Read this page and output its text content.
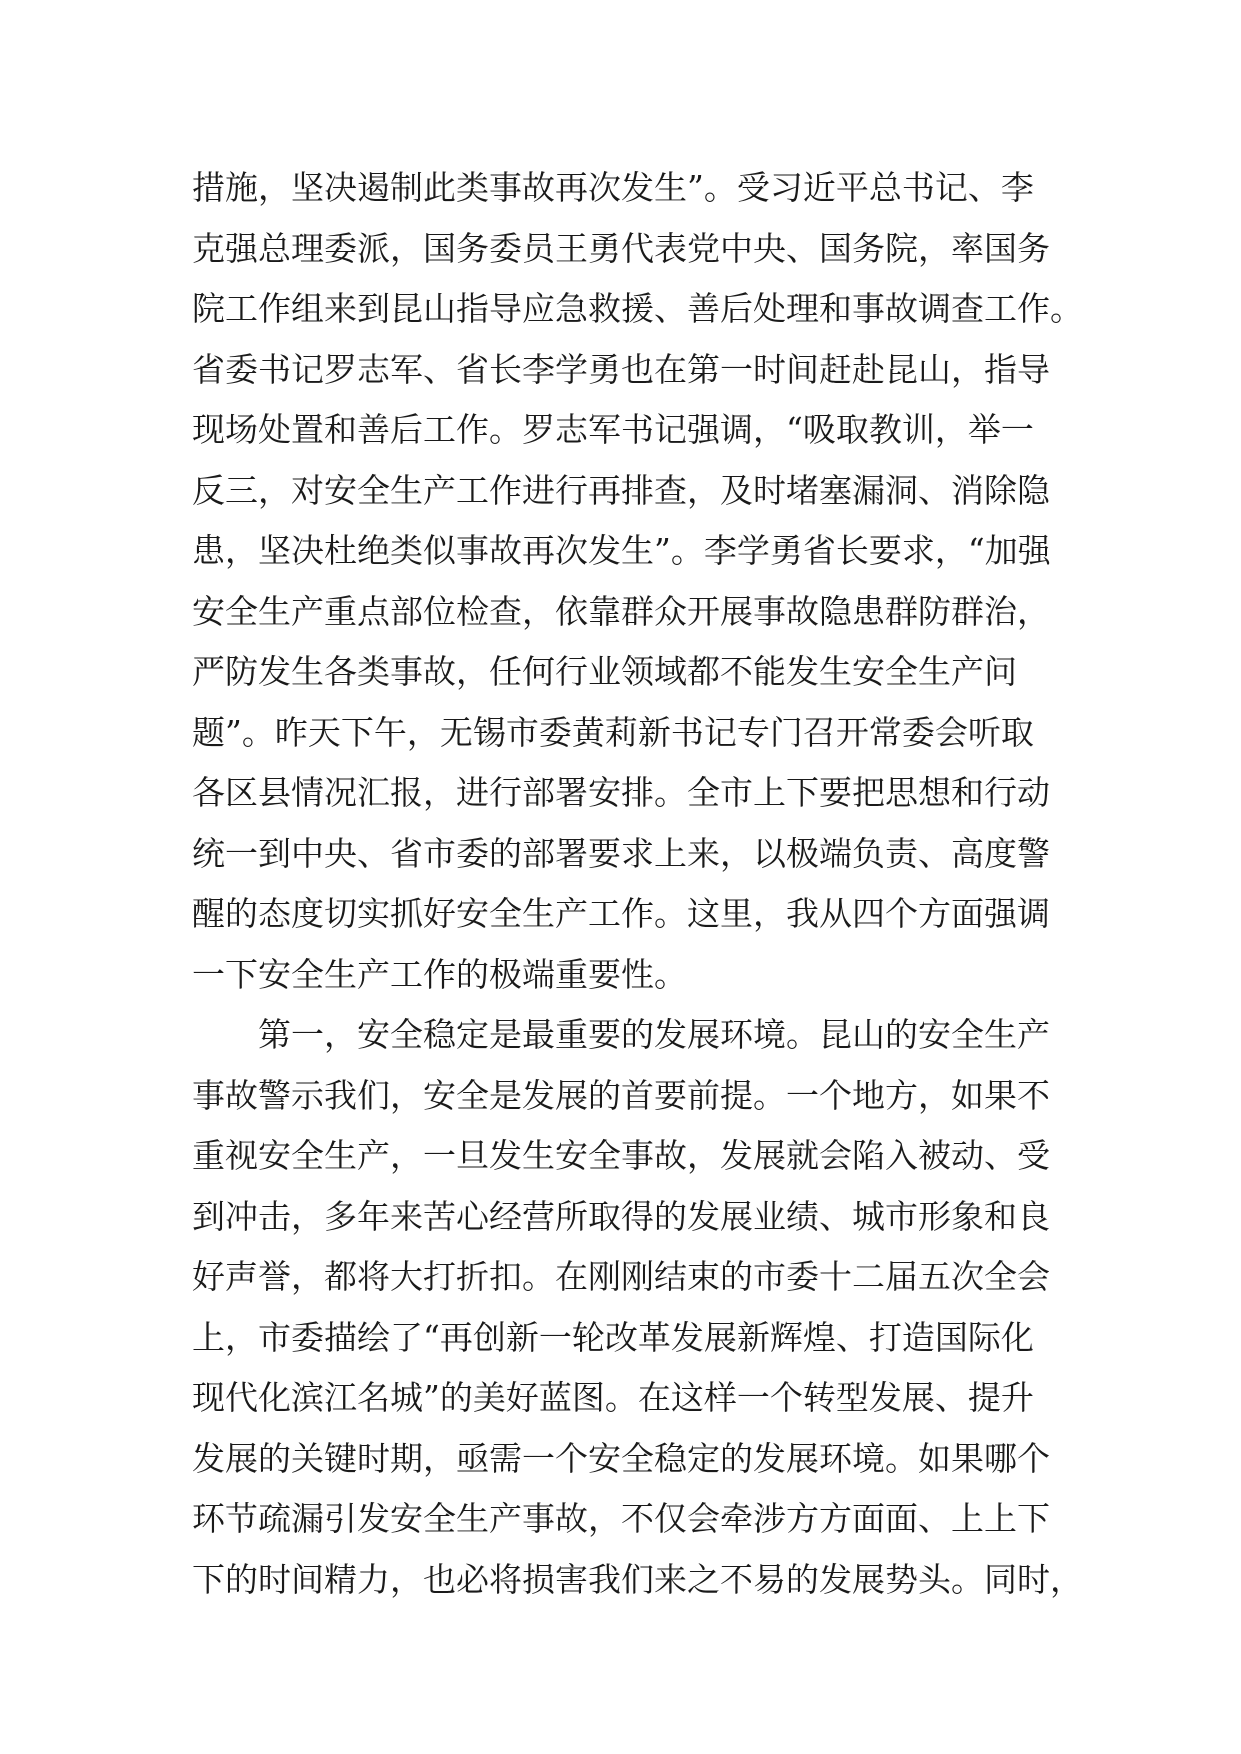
措施，坚决遏制此类事故再次发生”。受习近平总书记、李
克强总理委派，国务委员王勇代表党中央、国务院，率国务
院工作组来到昆山指导应急救援、善后处理和事故调查工作。
省委书记罗志军、省长李学勇也在第一时间赶赴昆山，指导
现场处置和善后工作。罗志军书记强调，“吸取教训，举一
反三，对安全生产工作进行再排查，及时堵塞漏洞、消除隐
患，坚决杜绝类似事故再次发生”。李学勇省长要求，“加强
安全生产重点部位检查，依靠群众开展事故隐患群防群治，
严防发生各类事故，任何行业领域都不能发生安全生产问
题”。昨天下午，无锡市委黄莉新书记专门召开常委会听取
各区县情况汇报，进行部署安排。全市上下要把思想和行动
统一到中央、省市委的部署要求上来，以极端负责、高度警
醒的态度切实抓好安全生产工作。这里，我从四个方面强调
一下安全生产工作的极端重要性。
　　第一，安全稳定是最重要的发展环境。昆山的安全生产
事故警示我们，安全是发展的首要前提。一个地方，如果不
重视安全生产，一旦发生安全事故，发展就会陷入被动、受
到冲击，多年来苦心经营所取得的发展业绩、城市形象和良
好声誉，都将大打折扣。在刚刚结束的市委十二届五次全会
上，市委描绘了“再创新一轮改革发展新辉煌、打造国际化
现代化滨江名城”的美好蓝图。在这样一个转型发展、提升
发展的关键时期，亟需一个安全稳定的发展环境。如果哪个
环节疏漏引发安全生产事故，不仅会牵涉方方面面、上上下
下的时间精力，也必将损害我们来之不易的发展势头。同时，
